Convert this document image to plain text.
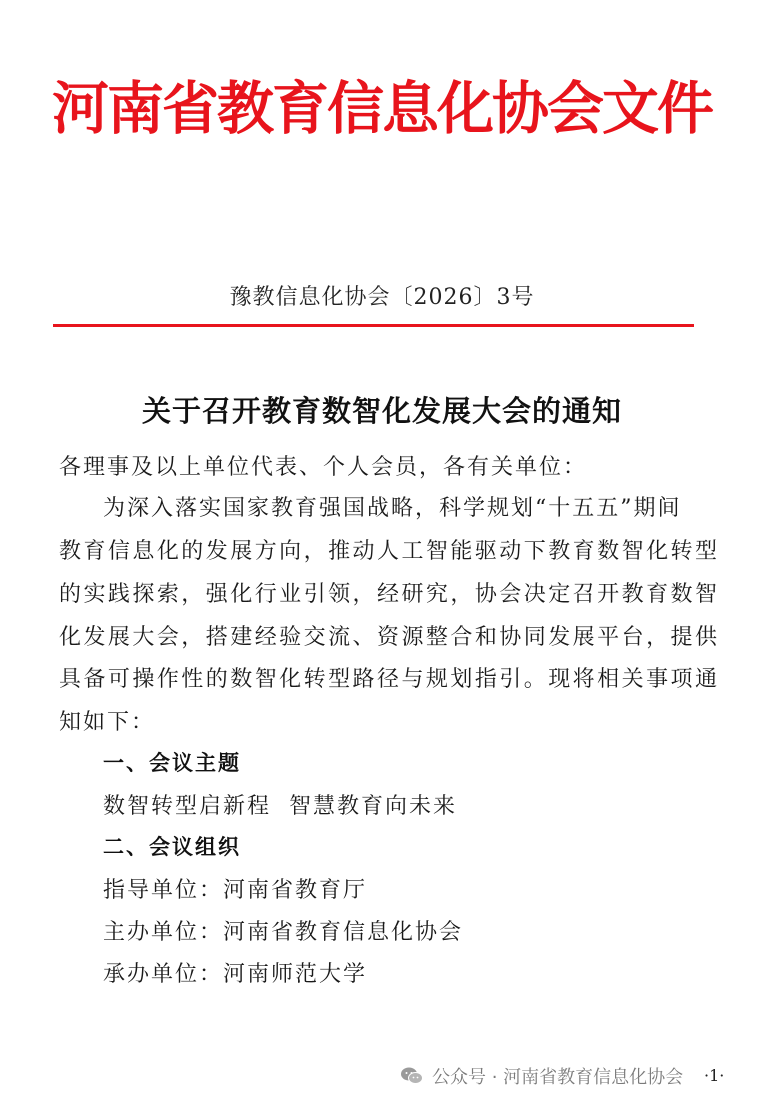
河南省教育信息化协会文件
豫教信息化协会〔2026〕3号
关于召开教育数智化发展大会的通知
各理事及以上单位代表、个人会员，各有关单位：
为深入落实国家教育强国战略，科学规划“十五五”期间
教育信息化的发展方向，推动人工智能驱动下教育数智化转型
的实践探索，强化行业引领，经研究，协会决定召开教育数智
化发展大会，搭建经验交流、资源整合和协同发展平台，提供
具备可操作性的数智化转型路径与规划指引。现将相关事项通
知如下：
一、会议主题
数智转型启新程  智慧教育向未来
二、会议组织
指导单位：河南省教育厅
主办单位：河南省教育信息化协会
承办单位：河南师范大学
公众号 · 河南省教育信息化协会 ·1·
